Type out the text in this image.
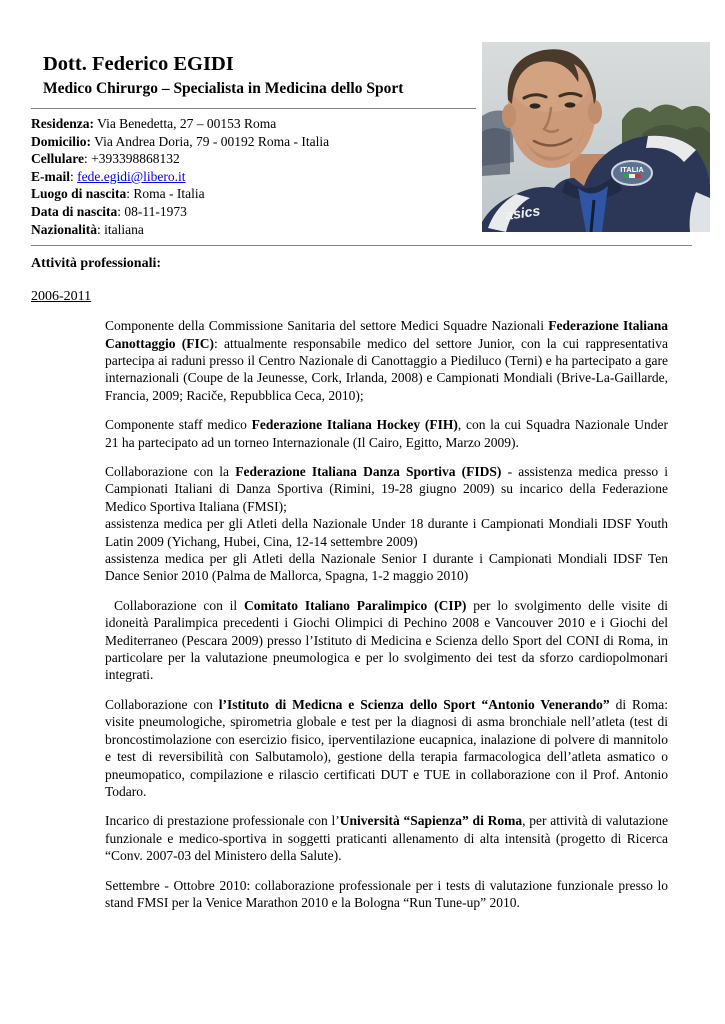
asics
ITALIA
Dott. Federico EGIDI
Medico Chirurgo – Specialista in Medicina dello Sport
Residenza: Via Benedetta, 27 – 00153 Roma
Domicilio: Via Andrea Doria, 79 - 00192 Roma - Italia
Cellulare: +393398868132
E-mail: fede.egidi@libero.it
Luogo di nascita: Roma - Italia
Data di nascita: 08-11-1973
Nazionalità: italiana
Attività professionali:
2006-2011
Componente della Commissione Sanitaria del settore Medici Squadre Nazionali Federazione Italiana Canottaggio (FIC): attualmente responsabile medico del settore Junior, con la cui rappresentativa partecipa ai raduni presso il Centro Nazionale di Canottaggio a Piediluco (Terni) e ha partecipato a gare internazionali (Coupe de la Jeunesse, Cork, Irlanda, 2008) e Campionati Mondiali (Brive-La-Gaillarde, Francia, 2009; Raciče, Repubblica Ceca, 2010);
Componente staff medico Federazione Italiana Hockey (FIH), con la cui Squadra Nazionale Under 21 ha partecipato ad un torneo Internazionale (Il Cairo, Egitto, Marzo 2009).
Collaborazione con la Federazione Italiana Danza Sportiva (FIDS) - assistenza medica presso i Campionati Italiani di Danza Sportiva (Rimini, 19-28 giugno 2009) su incarico della Federazione Medico Sportiva Italiana (FMSI);
assistenza medica per gli Atleti della Nazionale Under 18 durante i Campionati Mondiali IDSF Youth Latin 2009 (Yichang, Hubei, Cina, 12-14 settembre 2009)
assistenza medica per gli Atleti della Nazionale Senior I durante i Campionati Mondiali IDSF Ten Dance Senior 2010 (Palma de Mallorca, Spagna, 1-2 maggio 2010)
Collaborazione con il Comitato Italiano Paralimpico (CIP) per lo svolgimento delle visite di idoneità Paralimpica precedenti i Giochi Olimpici di Pechino 2008 e Vancouver 2010 e i Giochi del Mediterraneo (Pescara 2009) presso l’Istituto di Medicina e Scienza dello Sport del CONI di Roma, in particolare per la valutazione pneumologica e per lo svolgimento dei test da sforzo cardiopolmonari integrati.
Collaborazione con l’Istituto di Medicna e Scienza dello Sport “Antonio Venerando” di Roma: visite pneumologiche, spirometria globale e test per la diagnosi di asma bronchiale nell’atleta (test di broncostimolazione con esercizio fisico, iperventilazione eucapnica, inalazione di polvere di mannitolo e test di reversibilità con Salbutamolo), gestione della terapia farmacologica dell’atleta asmatico o pneumopatico, compilazione e rilascio certificati DUT e TUE in collaborazione con il Prof. Antonio Todaro.
Incarico di prestazione professionale con l’Università “Sapienza” di Roma, per attività di valutazione funzionale e medico-sportiva in soggetti praticanti allenamento di alta intensità (progetto di Ricerca “Conv. 2007-03 del Ministero della Salute).
Settembre - Ottobre 2010: collaborazione professionale per i tests di valutazione funzionale presso lo stand FMSI per la Venice Marathon 2010 e la Bologna “Run Tune-up” 2010.
